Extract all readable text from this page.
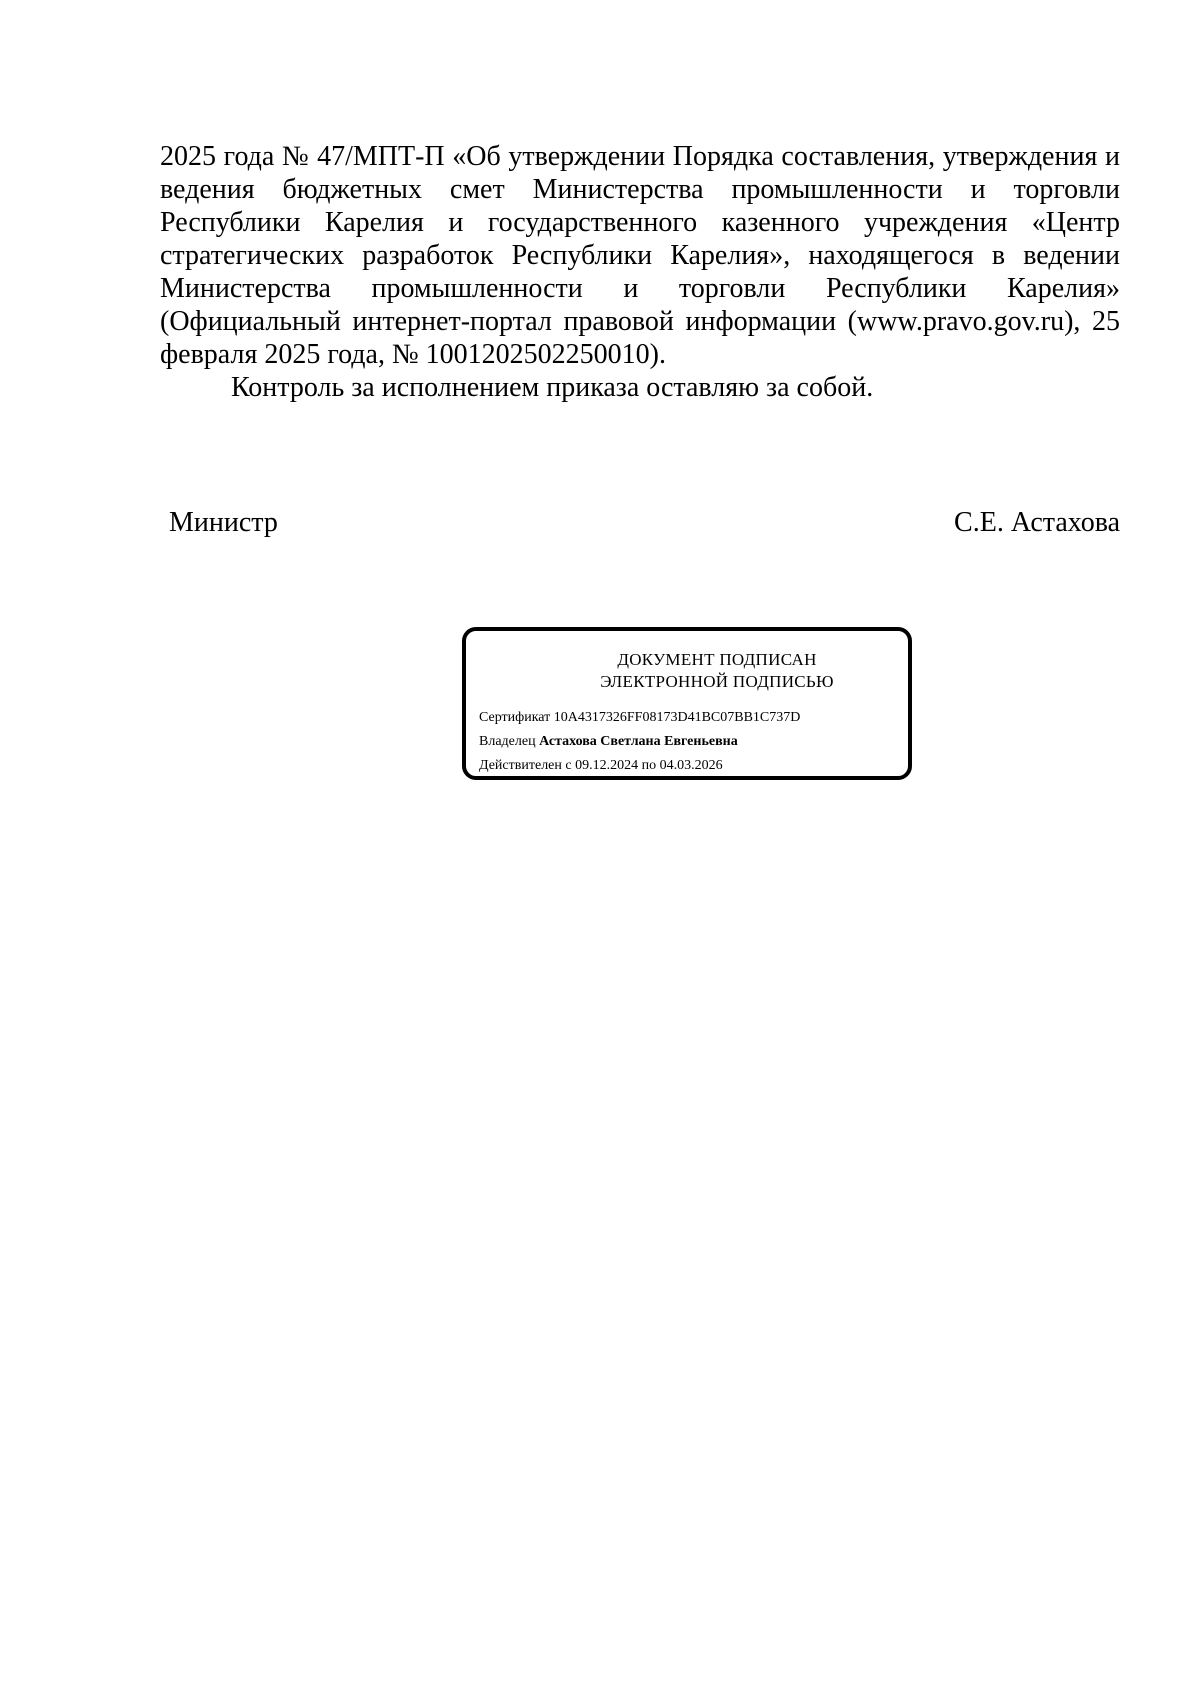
2025 года № 47/МПТ-П «Об утверждении Порядка составления, утверждения и ведения бюджетных смет Министерства промышленности и торговли Республики Карелия и государственного казенного учреждения «Центр стратегических разработок Республики Карелия», находящегося в ведении Министерства промышленности и торговли Республики Карелия» (Официальный интернет-портал правовой информации (www.pravo.gov.ru), 25 февраля 2025 года, № 1001202502250010).

Контроль за исполнением приказа оставляю за собой.

Министр	С.Е. Астахова
ДОКУМЕНТ ПОДПИСАН
ЭЛЕКТРОННОЙ ПОДПИСЬЮ
Сертификат 10A4317326FF08173D41BC07BB1C737D
Владелец Астахова Светлана Евгеньевна
Действителен с 09.12.2024 по 04.03.2026
